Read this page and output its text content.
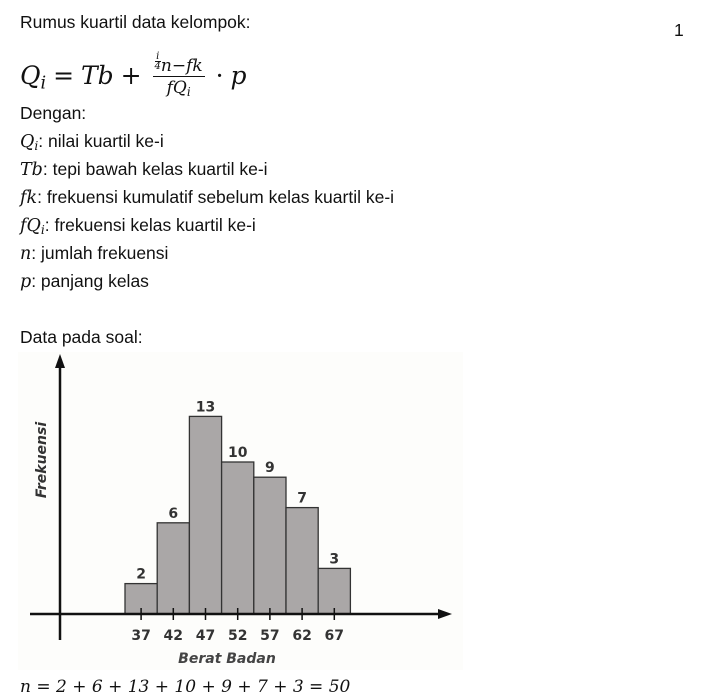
1
Rumus kuartil data kelompok:
$Q_i = Tb + \frac{\frac{i}{4} n-fk}{fQ_i} \cdot p$
Dengan:
$Q_i$: nilai kuartil ke-i
Tb: tepi bawah kelas kuartil ke-i
fk: frekuensi kumulatif sebelum kelas kuartil ke-i
$fQ_i$: frekuensi kelas kuartil ke-i
n: jumlah frekuensi
p: panjang kelas
Data pada soal:
2
6
13
10
9
7
3
37 42 47 52 57 62 67
Frekuensi
Berat Badan
n = 2 + 6 + 13 + 10 + 9 + 7 + 3 = 50
